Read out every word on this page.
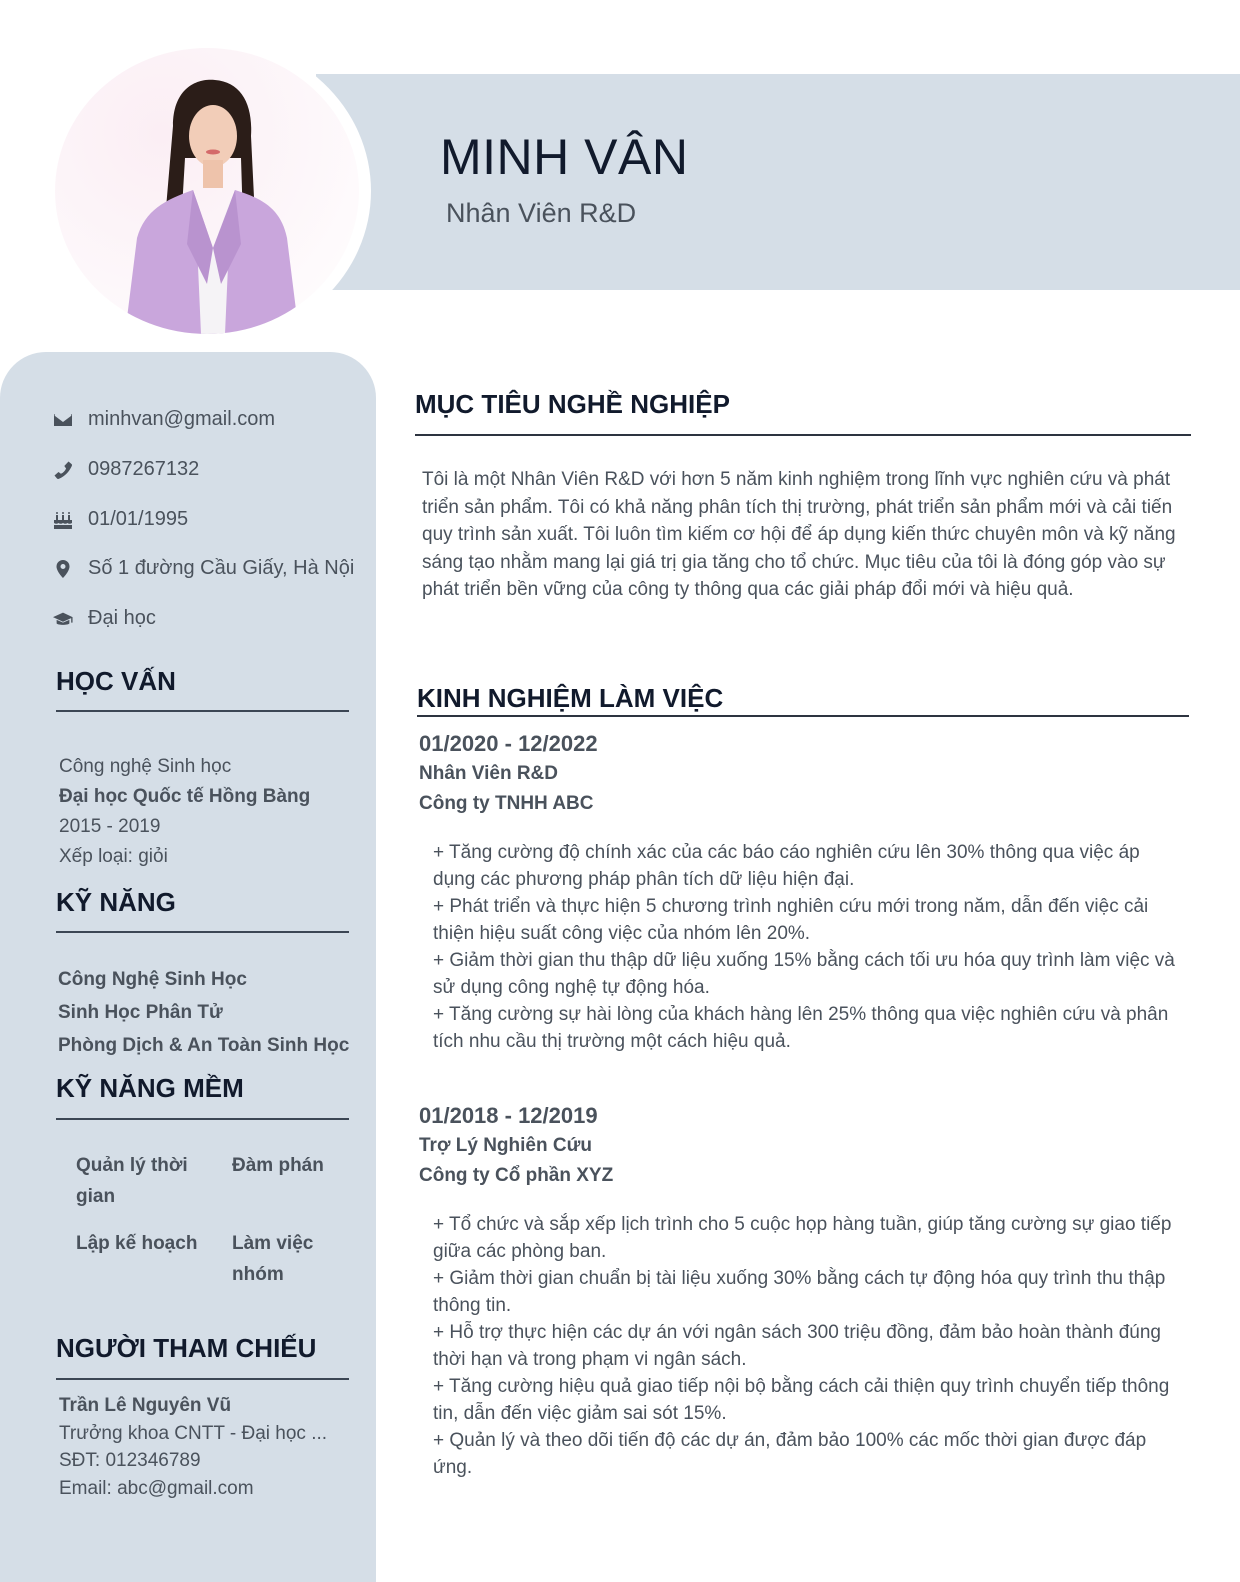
MINH VÂN
Nhân Viên R&D
minhvan@gmail.com
0987267132
01/01/1995
Số 1 đường Cầu Giấy, Hà Nội
Đại học
HỌC VẤN
Công nghệ Sinh học
Đại học Quốc tế Hồng Bàng
2015 - 2019
Xếp loại: giỏi
KỸ NĂNG
Công Nghệ Sinh Học
Sinh Học Phân Tử
Phòng Dịch & An Toàn Sinh Học
KỸ NĂNG MỀM
Quản lý thời gian
Đàm phán
Lập kế hoạch	Làm việc nhóm
NGƯỜI THAM CHIẾU
Trần Lê Nguyên Vũ
Trưởng khoa CNTT - Đại học ...
SĐT: 012346789
Email: abc@gmail.com
MỤC TIÊU NGHỀ NGHIỆP
Tôi là một Nhân Viên R&D với hơn 5 năm kinh nghiệm trong lĩnh vực nghiên cứu và phát triển sản phẩm. Tôi có khả năng phân tích thị trường, phát triển sản phẩm mới và cải tiến quy trình sản xuất. Tôi luôn tìm kiếm cơ hội để áp dụng kiến thức chuyên môn và kỹ năng sáng tạo nhằm mang lại giá trị gia tăng cho tổ chức. Mục tiêu của tôi là đóng góp vào sự phát triển bền vững của công ty thông qua các giải pháp đổi mới và hiệu quả.
KINH NGHIỆM LÀM VIỆC
01/2020 - 12/2022
Nhân Viên R&D
Công ty TNHH ABC
+ Tăng cường độ chính xác của các báo cáo nghiên cứu lên 30% thông qua việc áp dụng các phương pháp phân tích dữ liệu hiện đại.
+ Phát triển và thực hiện 5 chương trình nghiên cứu mới trong năm, dẫn đến việc cải thiện hiệu suất công việc của nhóm lên 20%.
+ Giảm thời gian thu thập dữ liệu xuống 15% bằng cách tối ưu hóa quy trình làm việc và sử dụng công nghệ tự động hóa.
+ Tăng cường sự hài lòng của khách hàng lên 25% thông qua việc nghiên cứu và phân tích nhu cầu thị trường một cách hiệu quả.
01/2018 - 12/2019
Trợ Lý Nghiên Cứu
Công ty Cổ phần XYZ
+ Tổ chức và sắp xếp lịch trình cho 5 cuộc họp hàng tuần, giúp tăng cường sự giao tiếp giữa các phòng ban.
+ Giảm thời gian chuẩn bị tài liệu xuống 30% bằng cách tự động hóa quy trình thu thập thông tin.
+ Hỗ trợ thực hiện các dự án với ngân sách 300 triệu đồng, đảm bảo hoàn thành đúng thời hạn và trong phạm vi ngân sách.
+ Tăng cường hiệu quả giao tiếp nội bộ bằng cách cải thiện quy trình chuyển tiếp thông tin, dẫn đến việc giảm sai sót 15%.
+ Quản lý và theo dõi tiến độ các dự án, đảm bảo 100% các mốc thời gian được đáp ứng.
